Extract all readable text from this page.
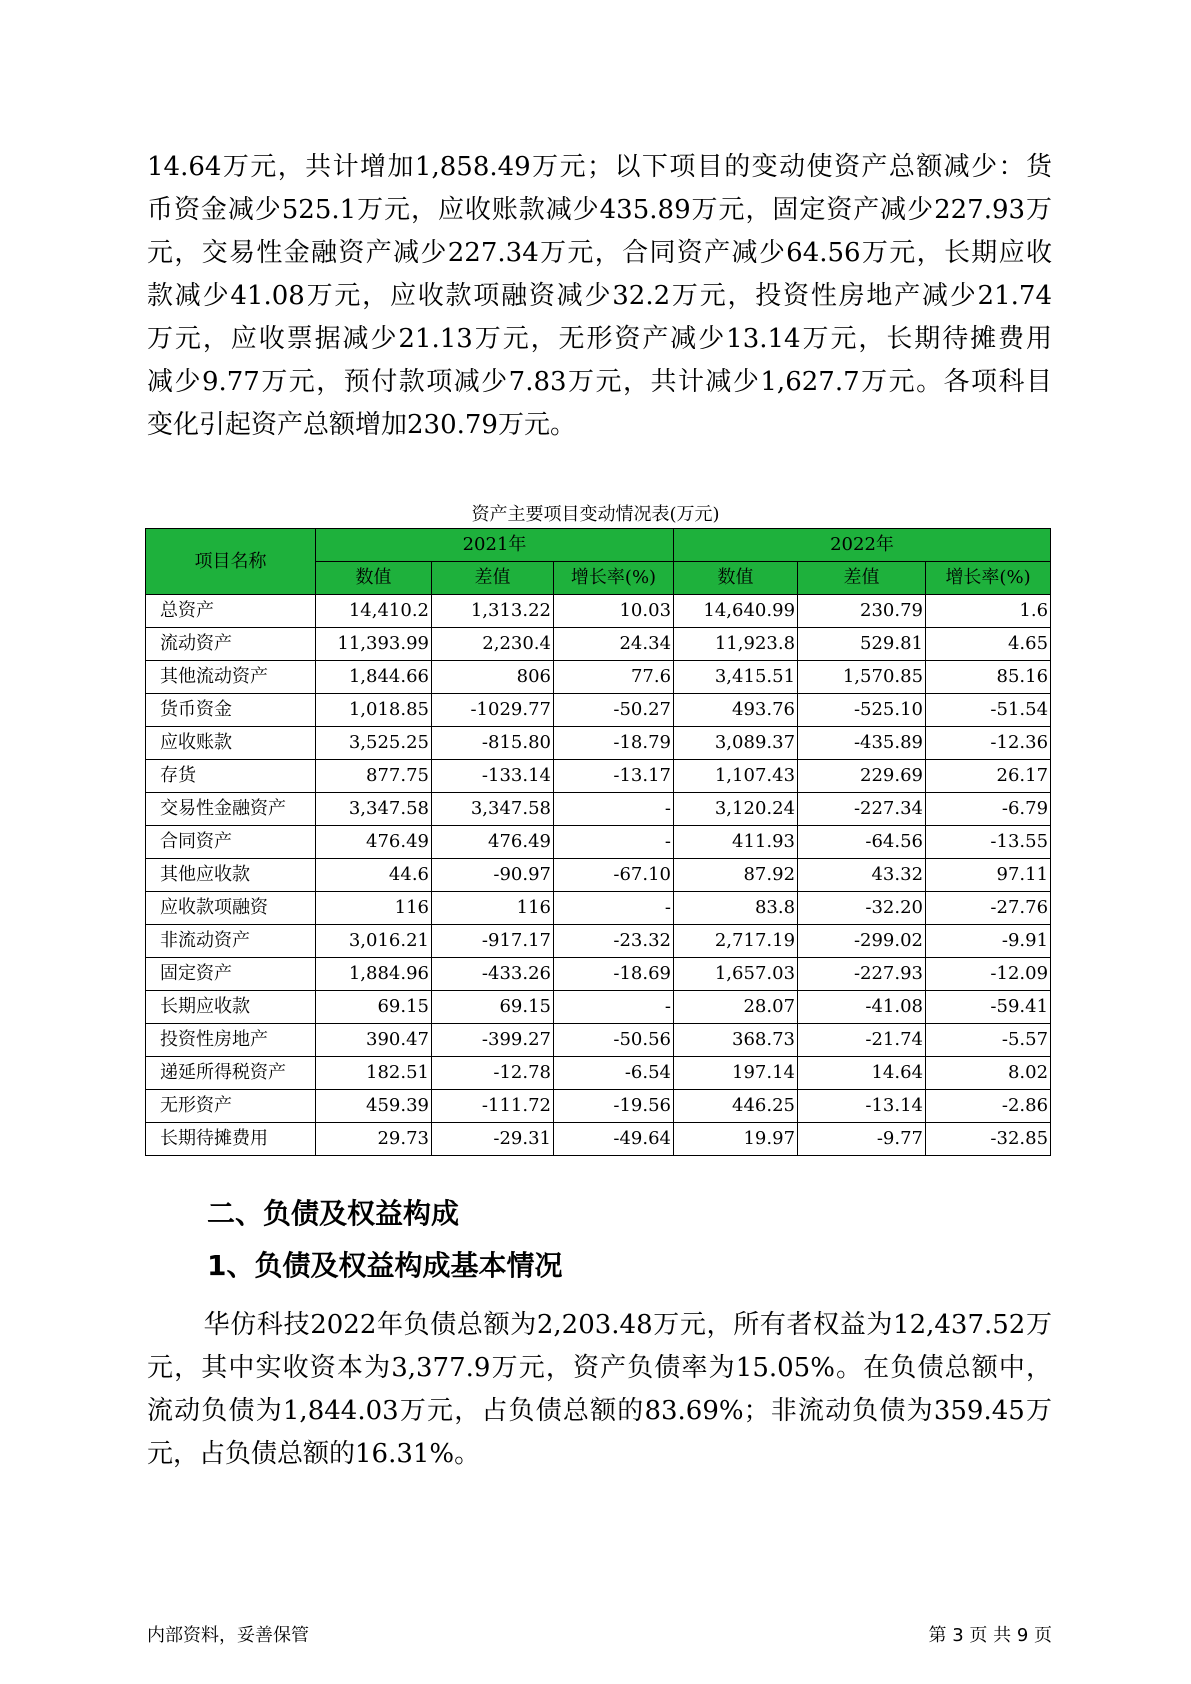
14.64万元，共计增加1,858.49万元；以下项目的变动使资产总额减少：货
币资金减少525.1万元，应收账款减少435.89万元，固定资产减少227.93万
元，交易性金融资产减少227.34万元，合同资产减少64.56万元，长期应收
款减少41.08万元，应收款项融资减少32.2万元，投资性房地产减少21.74
万元，应收票据减少21.13万元，无形资产减少13.14万元，长期待摊费用
减少9.77万元，预付款项减少7.83万元，共计减少1,627.7万元。各项科目
变化引起资产总额增加230.79万元。
资产主要项目变动情况表(万元)
项目名称	2021年			2022年		
	数值	差值	增长率(%)	数值	差值	增长率(%)
总资产	14,410.2	1,313.22	10.03	14,640.99	230.79	1.6
流动资产	11,393.99	2,230.4	24.34	11,923.8	529.81	4.65
其他流动资产	1,844.66	806	77.6	3,415.51	1,570.85	85.16
货币资金	1,018.85	-1029.77	-50.27	493.76	-525.10	-51.54
应收账款	3,525.25	-815.80	-18.79	3,089.37	-435.89	-12.36
存货	877.75	-133.14	-13.17	1,107.43	229.69	26.17
交易性金融资产	3,347.58	3,347.58	-	3,120.24	-227.34	-6.79
合同资产	476.49	476.49	-	411.93	-64.56	-13.55
其他应收款	44.6	-90.97	-67.10	87.92	43.32	97.11
应收款项融资	116	116	-	83.8	-32.20	-27.76
非流动资产	3,016.21	-917.17	-23.32	2,717.19	-299.02	-9.91
固定资产	1,884.96	-433.26	-18.69	1,657.03	-227.93	-12.09
长期应收款	69.15	69.15	-	28.07	-41.08	-59.41
投资性房地产	390.47	-399.27	-50.56	368.73	-21.74	-5.57
递延所得税资产	182.51	-12.78	-6.54	197.14	14.64	8.02
无形资产	459.39	-111.72	-19.56	446.25	-13.14	-2.86
长期待摊费用	29.73	-29.31	-49.64	19.97	-9.77	-32.85
二、负债及权益构成
1、负债及权益构成基本情况
华仿科技2022年负债总额为2,203.48万元，所有者权益为12,437.52万
元，其中实收资本为3,377.9万元，资产负债率为15.05%。在负债总额中，
流动负债为1,844.03万元，占负债总额的83.69%；非流动负债为359.45万
元，占负债总额的16.31%。
内部资料，妥善保管	第 3 页 共 9 页
